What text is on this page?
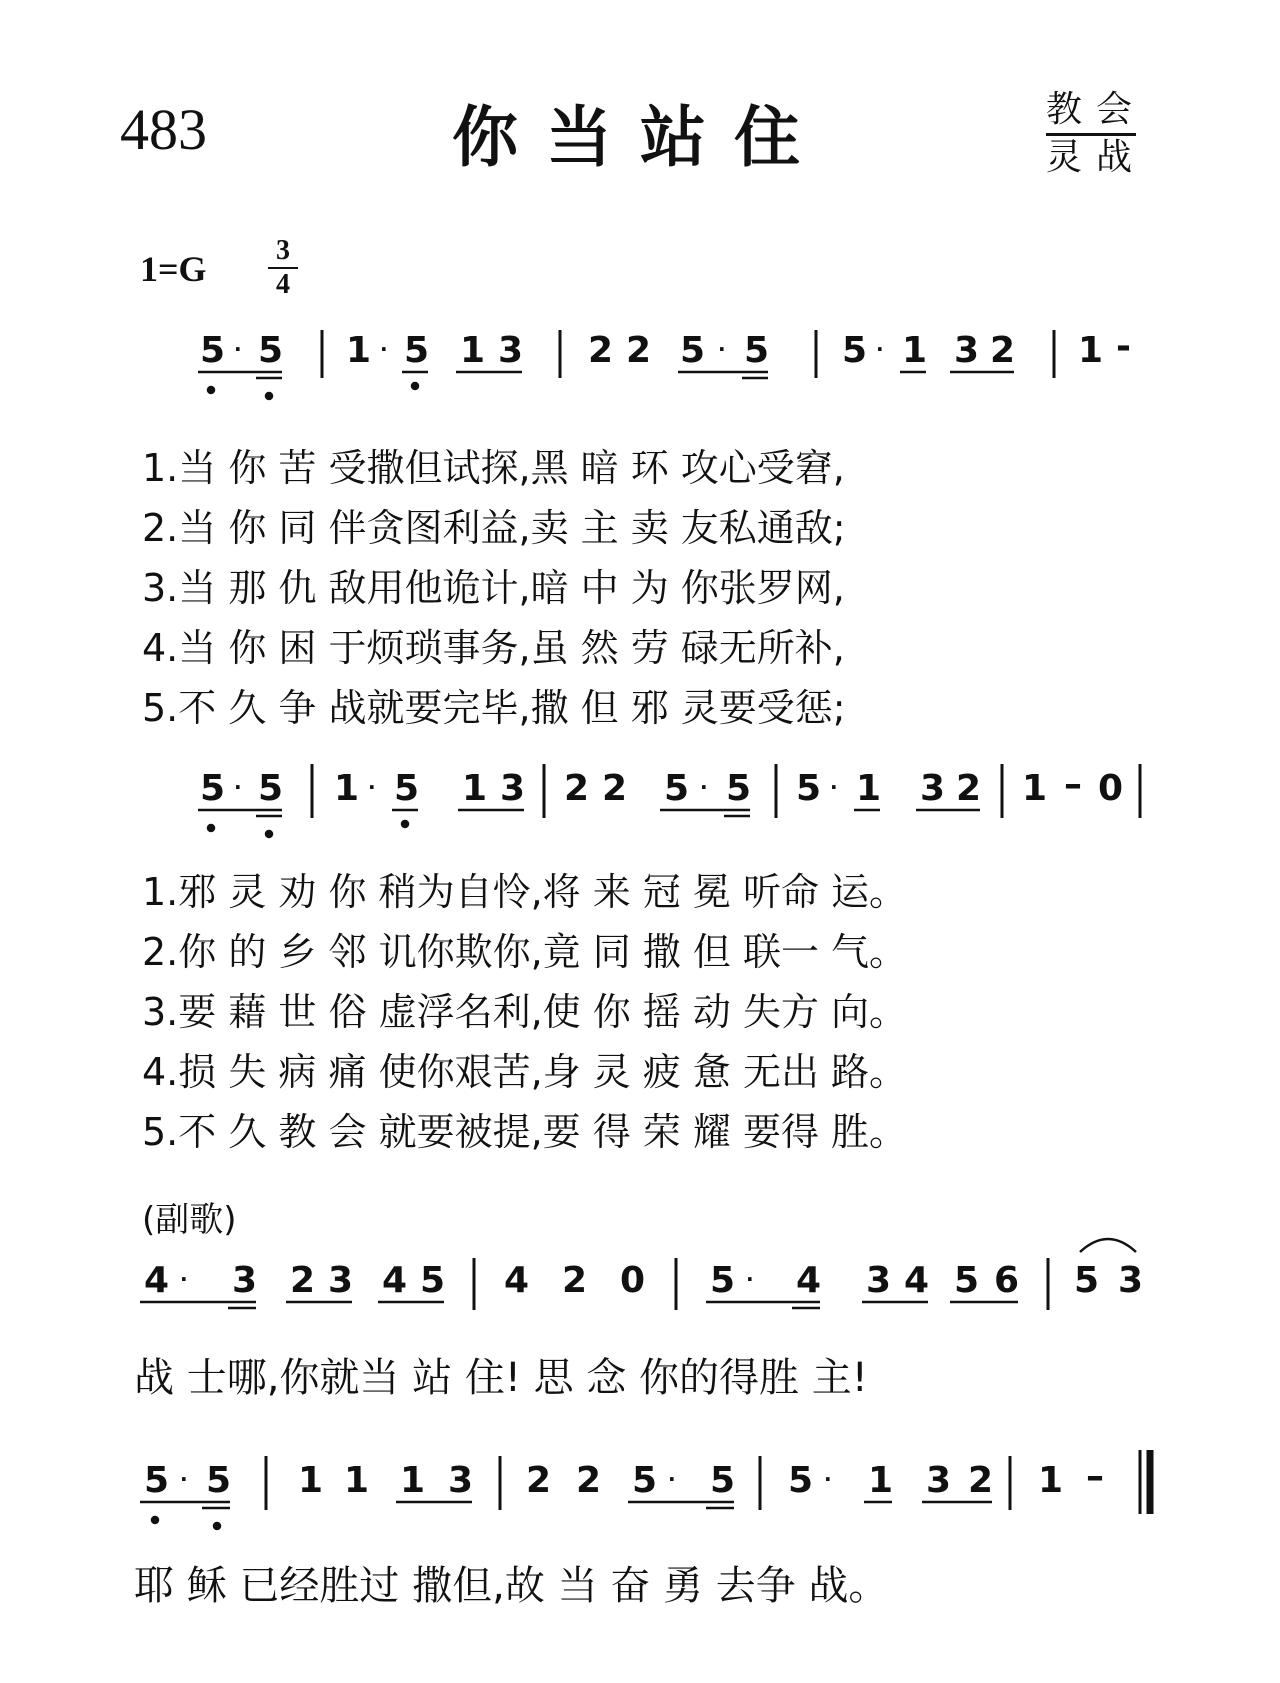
483	你当站住	教会
灵战
1=G 3
4
5 · 5 1 · 5 1 3 2 2 5 · 5 5 · 1 3 2 1 -
1.当 你 苦 受撒但试探,黑 暗 环 攻心受窘,
2.当 你 同 伴贪图利益,卖 主 卖 友私通敌;
3.当 那 仇 敌用他诡计,暗 中 为 你张罗网,
4.当 你 困 于烦琐事务,虽 然 劳 碌无所补,
5.不 久 争 战就要完毕,撒 但 邪 灵要受惩;
5 · 5 1 · 5 1 3 2 2 5 · 5 5 · 1 3 2 1 – 0
1.邪 灵 劝 你 稍为自怜,将 来 冠 冕 听命 运。
2.你 的 乡 邻 讥你欺你,竟 同 撒 但 联一 气。
3.要 藉 世 俗 虚浮名利,使 你 摇 动 失方 向。
4.损 失 病 痛 使你艰苦,身 灵 疲 惫 无出 路。
5.不 久 教 会 就要被提,要 得 荣 耀 要得 胜。
(副歌)
4 · 3 2 3 4 5 4 2 0 5 · 4 3 4 5 6 5 3
战 士哪,你就当 站 住! 思 念 你的得胜 主!
5 · 5 1 1 1 3 2 2 5 · 5 5 · 1 3 2 1 –
耶 稣 已经胜过 撒但,故 当 奋 勇 去争 战。
